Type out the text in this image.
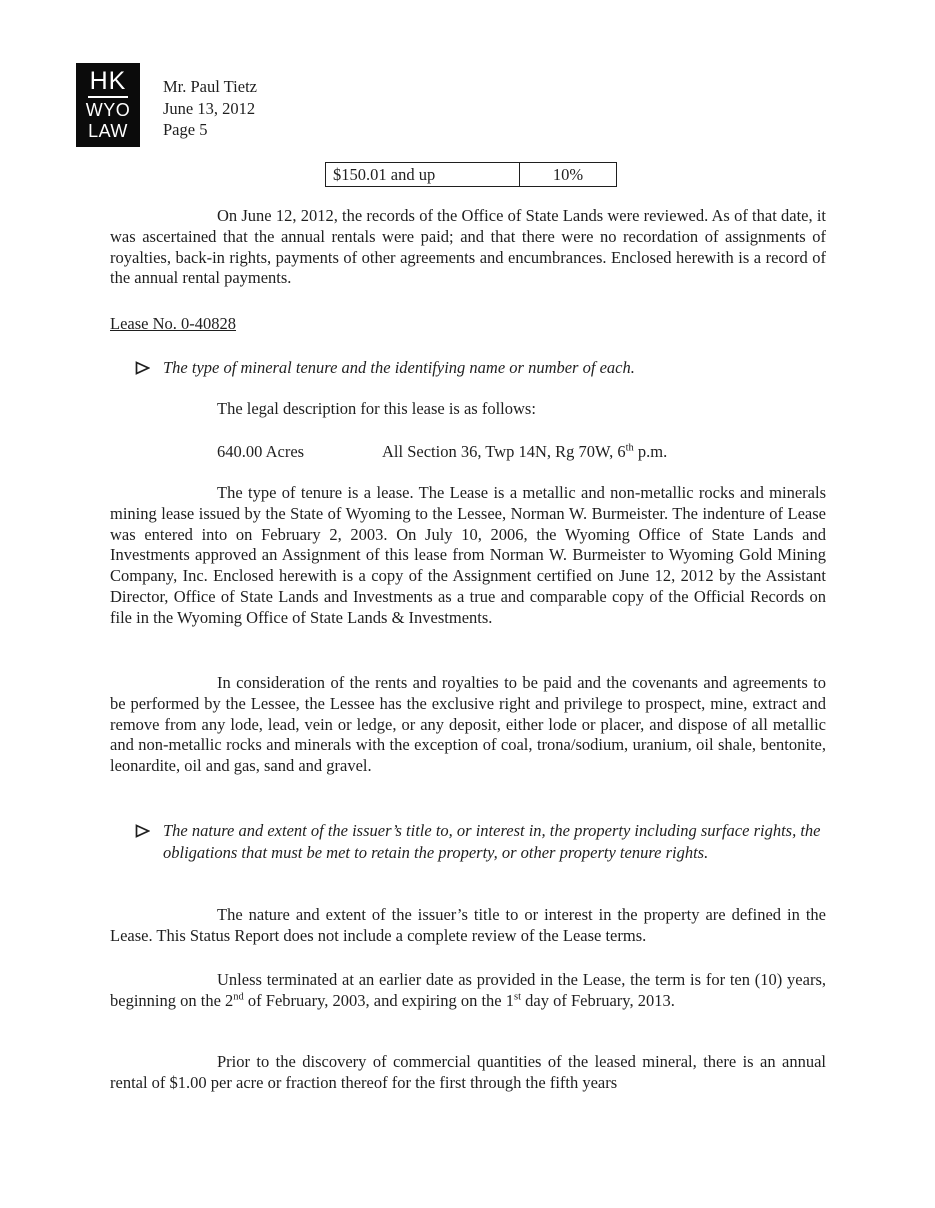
HK
WYO
LAW
Mr. Paul Tietz
June 13, 2012
Page 5
$150.01 and up	10%

On June 12, 2012, the records of the Office of State Lands were reviewed. As of that date, it was ascertained that the annual rentals were paid; and that there were no recordation of assignments of royalties, back-in rights, payments of other agreements and encumbrances. Enclosed herewith is a record of the annual rental payments.

Lease No. 0-40828
The type of mineral tenure and the identifying name or number of each.

The legal description for this lease is as follows:

640.00 Acres	All Section 36, Twp 14N, Rg 70W, 6th p.m.

The type of tenure is a lease. The Lease is a metallic and non-metallic rocks and minerals mining lease issued by the State of Wyoming to the Lessee, Norman W. Burmeister. The indenture of Lease was entered into on February 2, 2003. On July 10, 2006, the Wyoming Office of State Lands and Investments approved an Assignment of this lease from Norman W. Burmeister to Wyoming Gold Mining Company, Inc. Enclosed herewith is a copy of the Assignment certified on June 12, 2012 by the Assistant Director, Office of State Lands and Investments as a true and comparable copy of the Official Records on file in the Wyoming Office of State Lands & Investments.

In consideration of the rents and royalties to be paid and the covenants and agreements to be performed by the Lessee, the Lessee has the exclusive right and privilege to prospect, mine, extract and remove from any lode, lead, vein or ledge, or any deposit, either lode or placer, and dispose of all metallic and non-metallic rocks and minerals with the exception of coal, trona/sodium, uranium, oil shale, bentonite, leonardite, oil and gas, sand and gravel.

The nature and extent of the issuer’s title to, or interest in, the property including surface rights, the obligations that must be met to retain the property, or other property tenure rights.

The nature and extent of the issuer’s title to or interest in the property are defined in the Lease. This Status Report does not include a complete review of the Lease terms.

Unless terminated at an earlier date as provided in the Lease, the term is for ten (10) years, beginning on the 2nd of February, 2003, and expiring on the 1st day of February, 2013.

Prior to the discovery of commercial quantities of the leased mineral, there is an annual rental of $1.00 per acre or fraction thereof for the first through the fifth years
